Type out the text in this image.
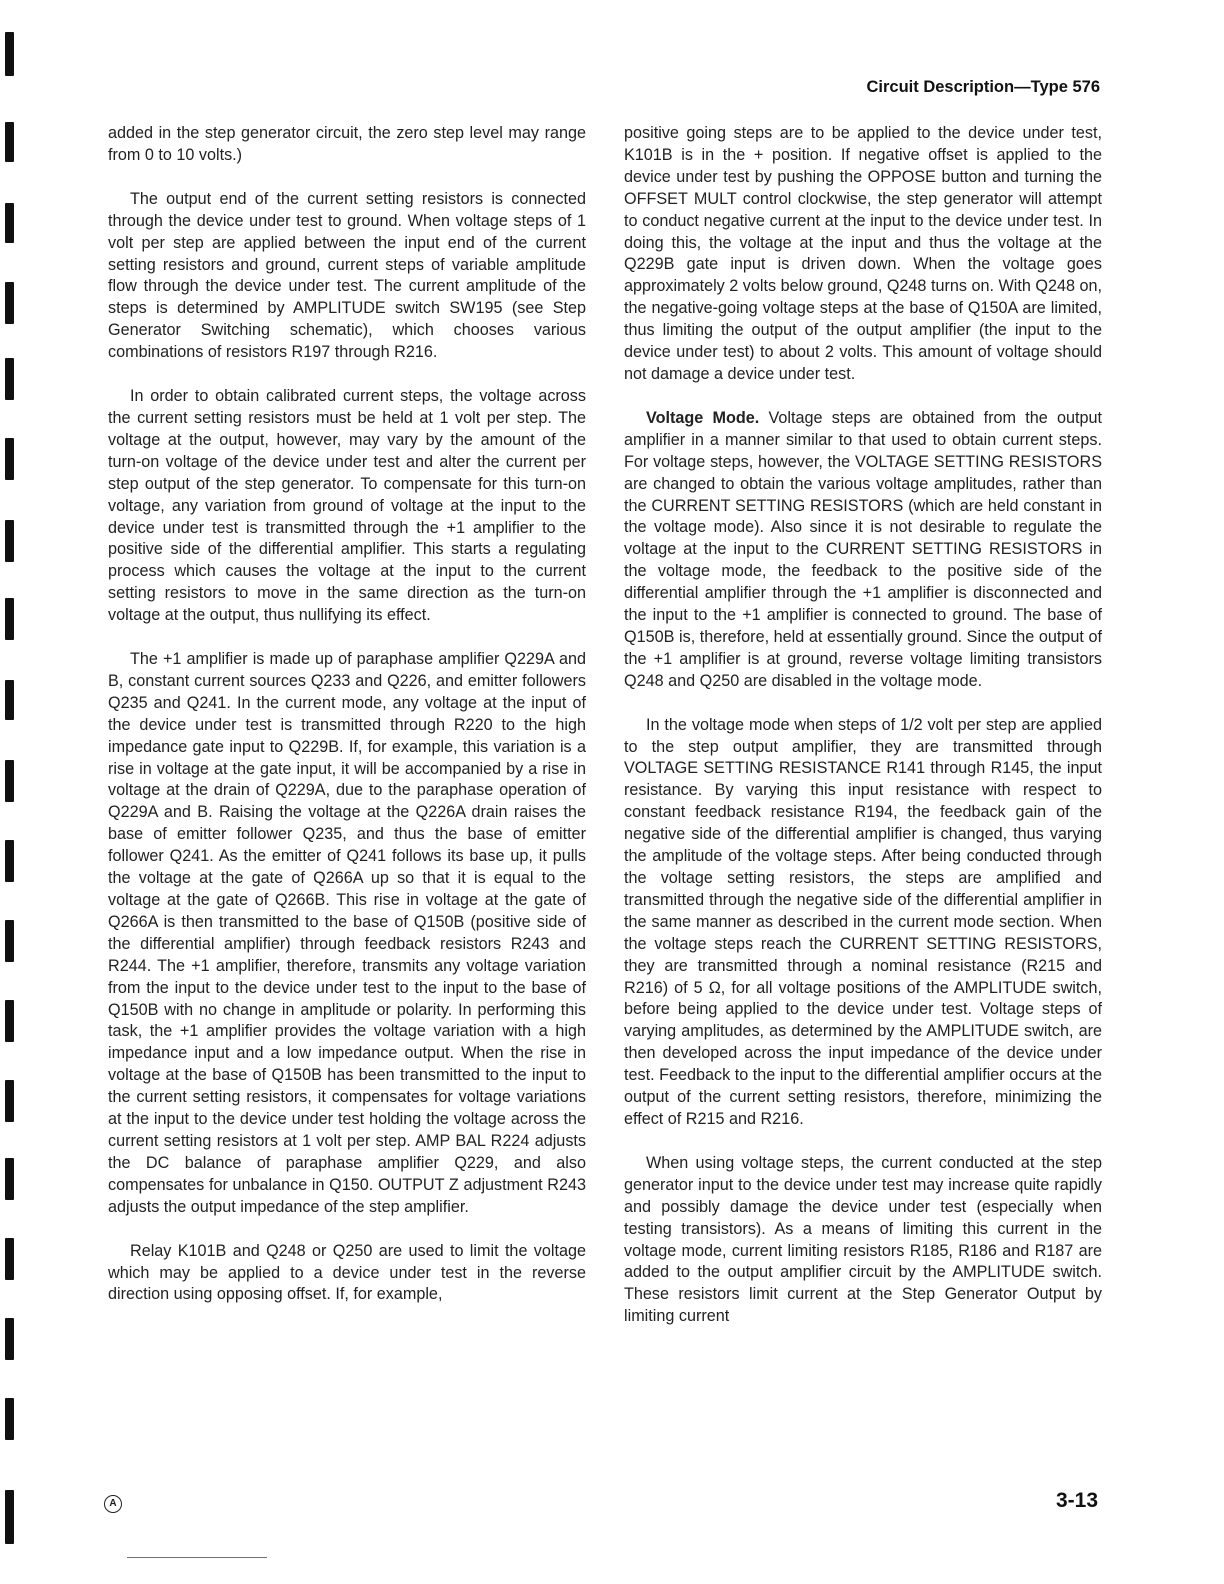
Circuit Description—Type 576

added in the step generator circuit, the zero step level may range from 0 to 10 volts.)

The output end of the current setting resistors is connected through the device under test to ground. When voltage steps of 1 volt per step are applied between the input end of the current setting resistors and ground, current steps of variable amplitude flow through the device under test. The current amplitude of the steps is determined by AMPLITUDE switch SW195 (see Step Generator Switching schematic), which chooses various combinations of resistors R197 through R216.

In order to obtain calibrated current steps, the voltage across the current setting resistors must be held at 1 volt per step. The voltage at the output, however, may vary by the amount of the turn-on voltage of the device under test and alter the current per step output of the step generator. To compensate for this turn-on voltage, any variation from ground of voltage at the input to the device under test is transmitted through the +1 amplifier to the positive side of the differential amplifier. This starts a regulating process which causes the voltage at the input to the current setting resistors to move in the same direction as the turn-on voltage at the output, thus nullifying its effect.

The +1 amplifier is made up of paraphase amplifier Q229A and B, constant current sources Q233 and Q226, and emitter followers Q235 and Q241. In the current mode, any voltage at the input of the device under test is transmitted through R220 to the high impedance gate input to Q229B. If, for example, this variation is a rise in voltage at the gate input, it will be accompanied by a rise in voltage at the drain of Q229A, due to the paraphase operation of Q229A and B. Raising the voltage at the Q226A drain raises the base of emitter follower Q235, and thus the base of emitter follower Q241. As the emitter of Q241 follows its base up, it pulls the voltage at the gate of Q266A up so that it is equal to the voltage at the gate of Q266B. This rise in voltage at the gate of Q266A is then transmitted to the base of Q150B (positive side of the differential amplifier) through feedback resistors R243 and R244. The +1 amplifier, therefore, transmits any voltage variation from the input to the device under test to the input to the base of Q150B with no change in amplitude or polarity. In performing this task, the +1 amplifier provides the voltage variation with a high impedance input and a low impedance output. When the rise in voltage at the base of Q150B has been transmitted to the input to the current setting resistors, it compensates for voltage variations at the input to the device under test holding the voltage across the current setting resistors at 1 volt per step. AMP BAL R224 adjusts the DC balance of paraphase amplifier Q229, and also compensates for unbalance in Q150. OUTPUT Z adjustment R243 adjusts the output impedance of the step amplifier.

Relay K101B and Q248 or Q250 are used to limit the voltage which may be applied to a device under test in the reverse direction using opposing offset. If, for example,

positive going steps are to be applied to the device under test, K101B is in the + position. If negative offset is applied to the device under test by pushing the OPPOSE button and turning the OFFSET MULT control clockwise, the step generator will attempt to conduct negative current at the input to the device under test. In doing this, the voltage at the input and thus the voltage at the Q229B gate input is driven down. When the voltage goes approximately 2 volts below ground, Q248 turns on. With Q248 on, the negative-going voltage steps at the base of Q150A are limited, thus limiting the output of the output amplifier (the input to the device under test) to about 2 volts. This amount of voltage should not damage a device under test.

Voltage Mode. Voltage steps are obtained from the output amplifier in a manner similar to that used to obtain current steps. For voltage steps, however, the VOLTAGE SETTING RESISTORS are changed to obtain the various voltage amplitudes, rather than the CURRENT SETTING RESISTORS (which are held constant in the voltage mode). Also since it is not desirable to regulate the voltage at the input to the CURRENT SETTING RESISTORS in the voltage mode, the feedback to the positive side of the differential amplifier through the +1 amplifier is disconnected and the input to the +1 amplifier is connected to ground. The base of Q150B is, therefore, held at essentially ground. Since the output of the +1 amplifier is at ground, reverse voltage limiting transistors Q248 and Q250 are disabled in the voltage mode.

In the voltage mode when steps of 1/2 volt per step are applied to the step output amplifier, they are transmitted through VOLTAGE SETTING RESISTANCE R141 through R145, the input resistance. By varying this input resistance with respect to constant feedback resistance R194, the feedback gain of the negative side of the differential amplifier is changed, thus varying the amplitude of the voltage steps. After being conducted through the voltage setting resistors, the steps are amplified and transmitted through the negative side of the differential amplifier in the same manner as described in the current mode section. When the voltage steps reach the CURRENT SETTING RESISTORS, they are transmitted through a nominal resistance (R215 and R216) of 5 Ω, for all voltage positions of the AMPLITUDE switch, before being applied to the device under test. Voltage steps of varying amplitudes, as determined by the AMPLITUDE switch, are then developed across the input impedance of the device under test. Feedback to the input to the differential amplifier occurs at the output of the current setting resistors, therefore, minimizing the effect of R215 and R216.

When using voltage steps, the current conducted at the step generator input to the device under test may increase quite rapidly and possibly damage the device under test (especially when testing transistors). As a means of limiting this current in the voltage mode, current limiting resistors R185, R186 and R187 are added to the output amplifier circuit by the AMPLITUDE switch. These resistors limit current at the Step Generator Output by limiting current

A	3-13
